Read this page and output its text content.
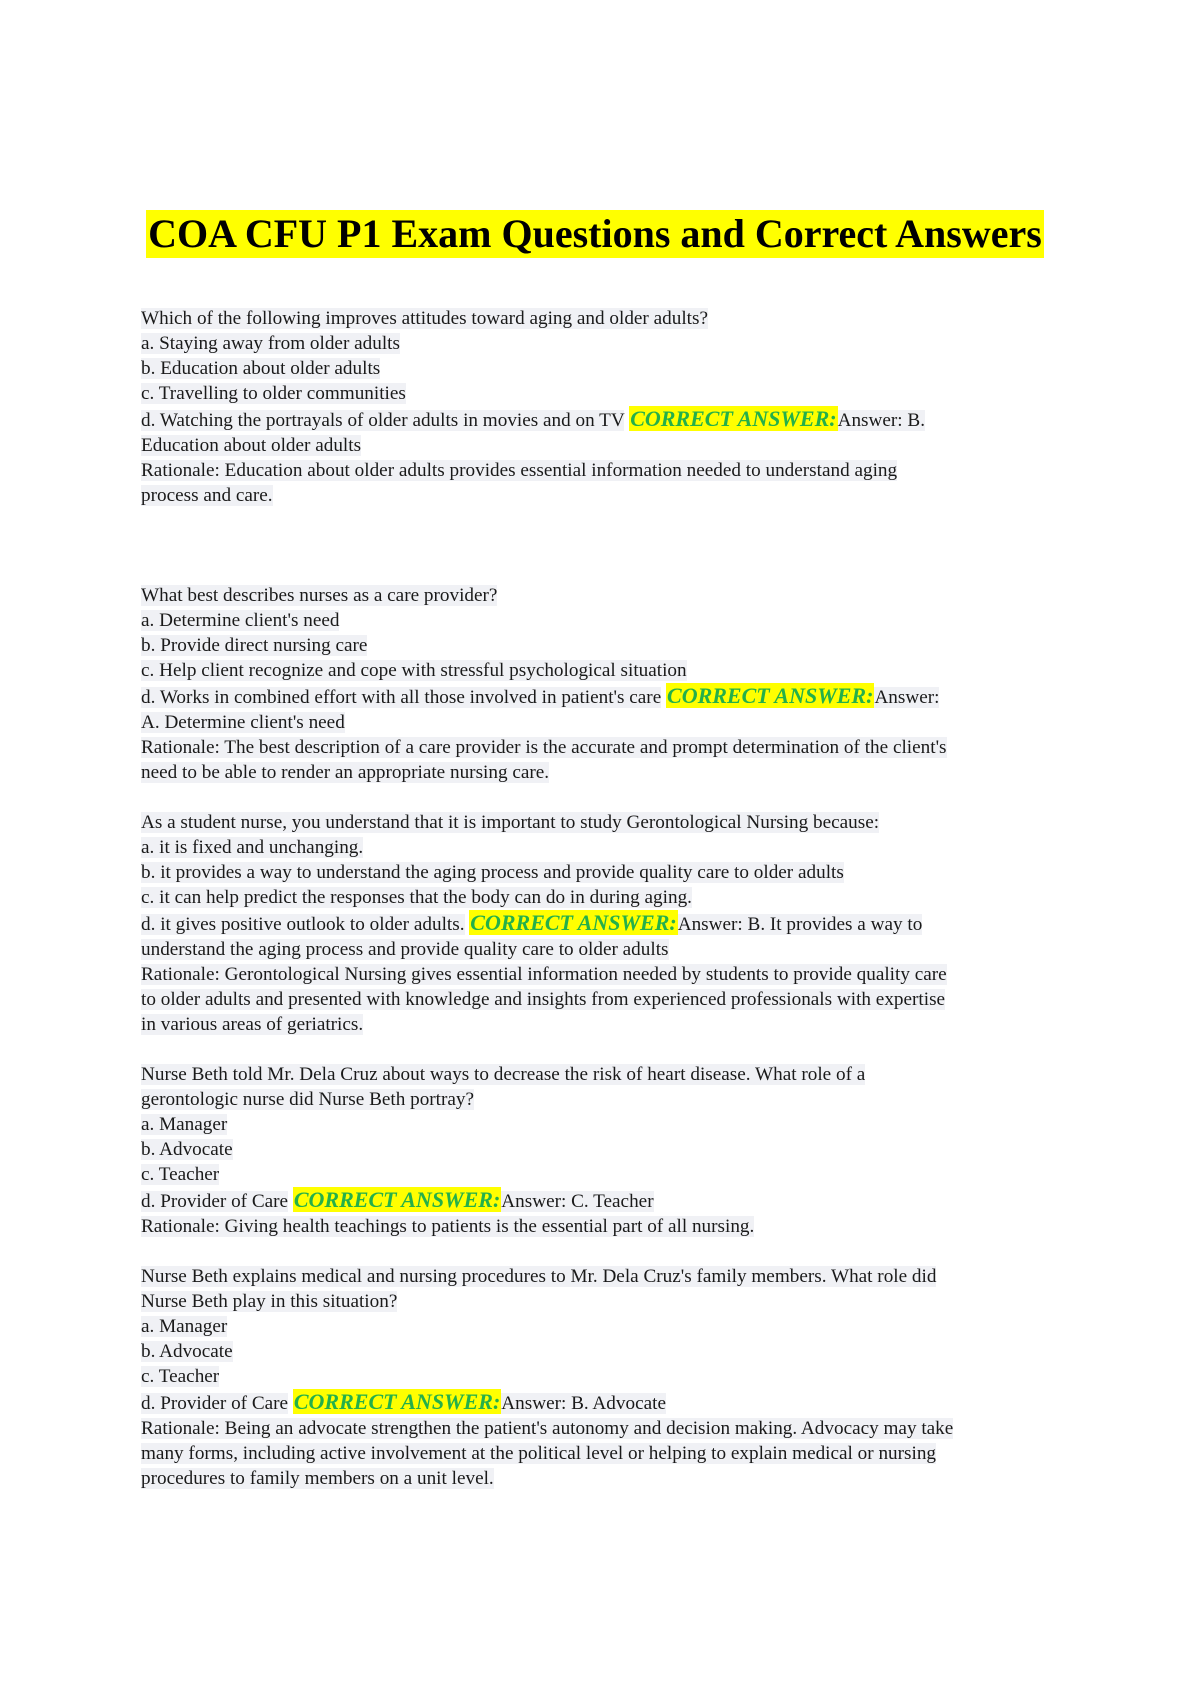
COA CFU P1 Exam Questions and Correct Answers
Which of the following improves attitudes toward aging and older adults?
a. Staying away from older adults
b. Education about older adults
c. Travelling to older communities
d. Watching the portrayals of older adults in movies and on TV CORRECT ANSWER:Answer: B.
Education about older adults
Rationale: Education about older adults provides essential information needed to understand aging
process and care.
What best describes nurses as a care provider?
a. Determine client's need
b. Provide direct nursing care
c. Help client recognize and cope with stressful psychological situation
d. Works in combined effort with all those involved in patient's care CORRECT ANSWER:Answer:
A. Determine client's need
Rationale: The best description of a care provider is the accurate and prompt determination of the client's
need to be able to render an appropriate nursing care.
As a student nurse, you understand that it is important to study Gerontological Nursing because:
a. it is fixed and unchanging.
b. it provides a way to understand the aging process and provide quality care to older adults
c. it can help predict the responses that the body can do in during aging.
d. it gives positive outlook to older adults. CORRECT ANSWER:Answer: B. It provides a way to
understand the aging process and provide quality care to older adults
Rationale: Gerontological Nursing gives essential information needed by students to provide quality care
to older adults and presented with knowledge and insights from experienced professionals with expertise
in various areas of geriatrics.
Nurse Beth told Mr. Dela Cruz about ways to decrease the risk of heart disease. What role of a
gerontologic nurse did Nurse Beth portray?
a. Manager
b. Advocate
c. Teacher
d. Provider of Care CORRECT ANSWER:Answer: C. Teacher
Rationale: Giving health teachings to patients is the essential part of all nursing.
Nurse Beth explains medical and nursing procedures to Mr. Dela Cruz's family members. What role did
Nurse Beth play in this situation?
a. Manager
b. Advocate
c. Teacher
d. Provider of Care CORRECT ANSWER:Answer: B. Advocate
Rationale: Being an advocate strengthen the patient's autonomy and decision making. Advocacy may take
many forms, including active involvement at the political level or helping to explain medical or nursing
procedures to family members on a unit level.
